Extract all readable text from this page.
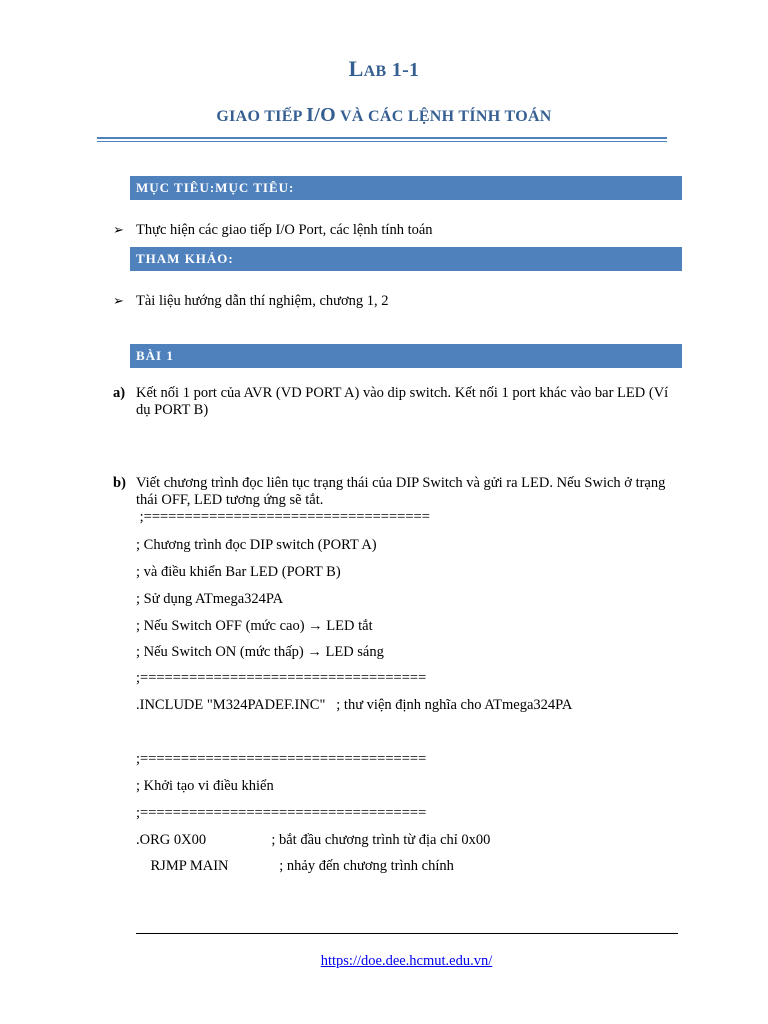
LAB 1-1
GIAO TIẾP I/O VÀ CÁC LỆNH TÍNH TOÁN
MỤC TIÊU:MỤC TIÊU:
➢ Thực hiện các giao tiếp I/O Port, các lệnh tính toán
THAM KHẢO:
➢ Tài liệu hướng dẫn thí nghiệm, chương 1, 2
BÀI 1
a) Kết nối 1 port của AVR (VD PORT A) vào dip switch. Kết nối 1 port khác vào bar LED (Ví dụ PORT B)
b) Viết chương trình đọc liên tục trạng thái của DIP Switch và gửi ra LED. Nếu Swich ở trạng thái OFF, LED tương ứng sẽ tắt.
;===================================
; Chương trình đọc DIP switch (PORT A)
; và điều khiển Bar LED (PORT B)
; Sử dụng ATmega324PA
; Nếu Switch OFF (mức cao) → LED tắt
; Nếu Switch ON (mức thấp) → LED sáng
;===================================
.INCLUDE "M324PADEF.INC"   ; thư viện định nghĩa cho ATmega324PA
;===================================
; Khởi tạo vi điều khiển
;===================================
.ORG 0X00                  ; bắt đầu chương trình từ địa chỉ 0x00
RJMP MAIN              ; nhảy đến chương trình chính
https://doe.dee.hcmut.edu.vn/
